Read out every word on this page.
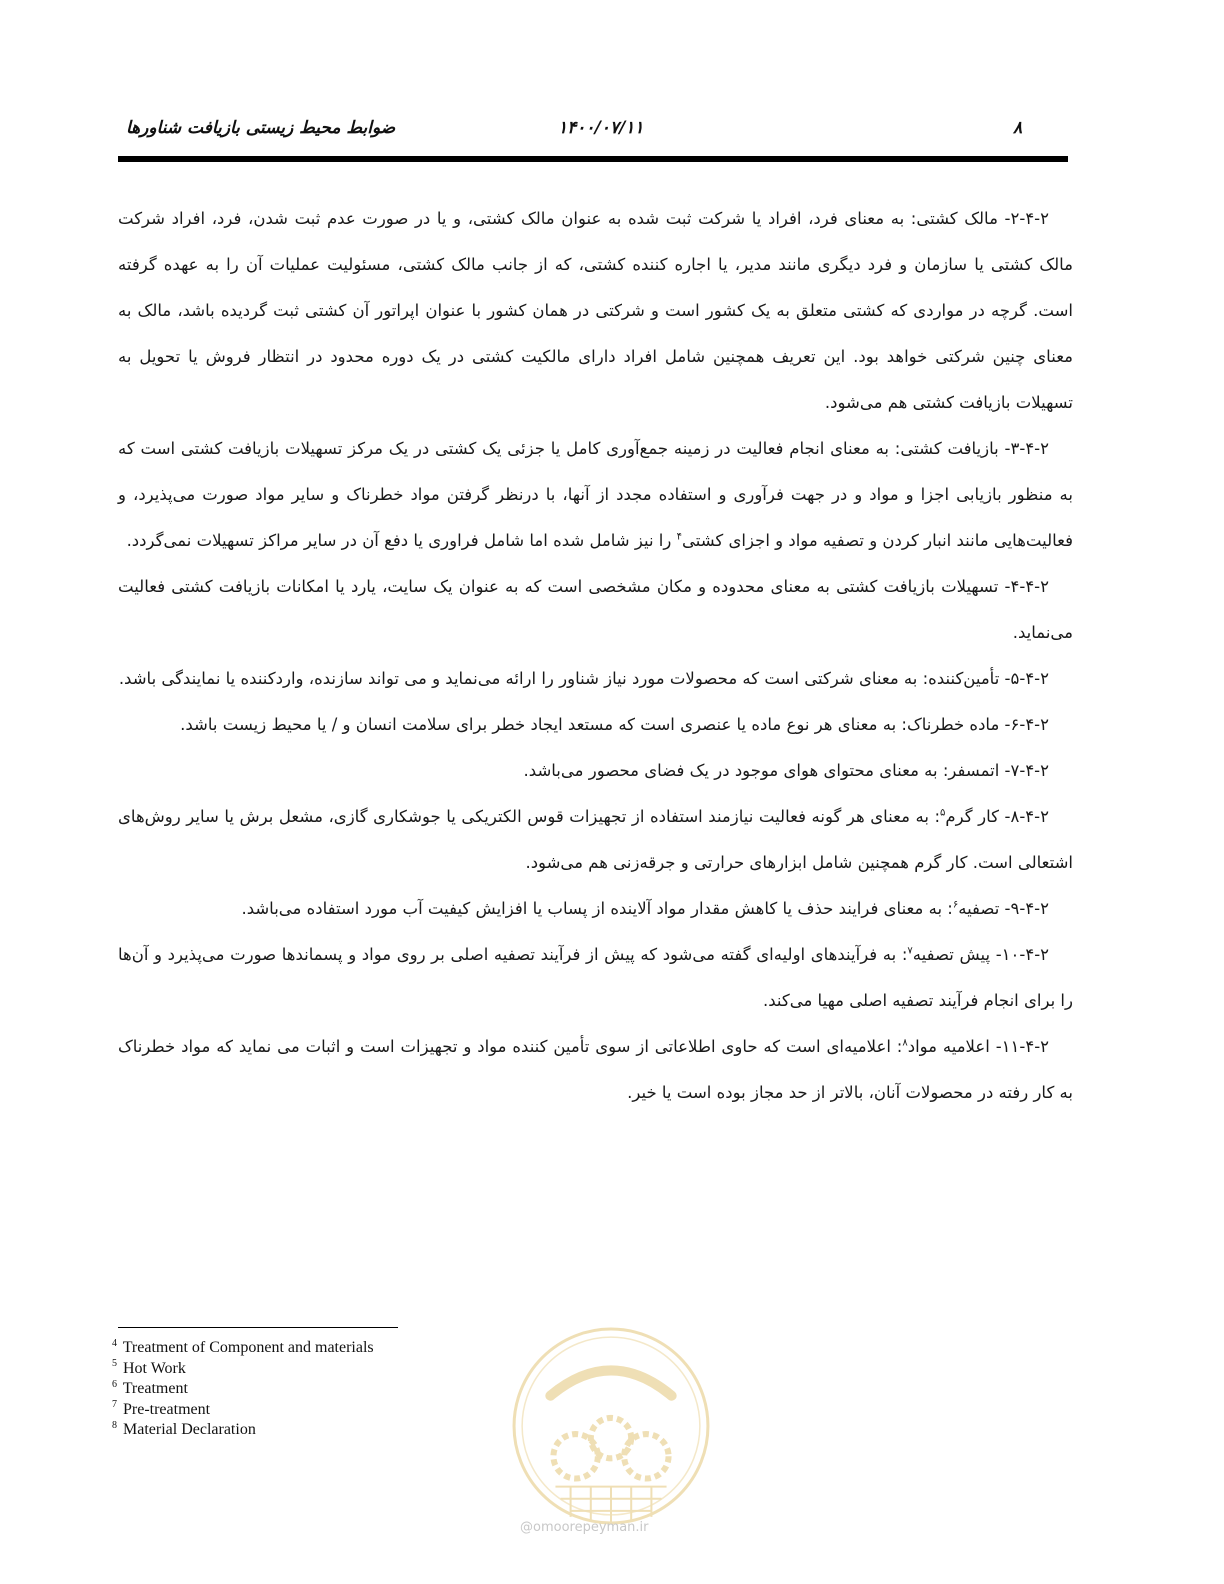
۸
۱۴۰۰/۰۷/۱۱
ضوابط محیط زیستی بازیافت شناورها

۲-۴-۲- مالک کشتی: به معنای فرد، افراد یا شرکت ثبت شده به عنوان مالک کشتی، و یا در صورت عدم ثبت شدن، فرد، افراد شرکت مالک کشتی یا سازمان و فرد دیگری مانند مدیر، یا اجاره کننده کشتی، که از جانب مالک کشتی، مسئولیت عملیات آن را به عهده گرفته است. گرچه در مواردی که کشتی متعلق به یک کشور است و شرکتی در همان کشور با عنوان اپراتور آن کشتی ثبت گردیده باشد، مالک به معنای چنین شرکتی خواهد بود. این تعریف همچنین شامل افراد دارای مالکیت کشتی در یک دوره محدود در انتظار فروش یا تحویل به تسهیلات بازیافت کشتی هم می‌شود.

۳-۴-۲- بازیافت کشتی: به معنای انجام فعالیت در زمینه جمع‌آوری کامل یا جزئی یک کشتی در یک مرکز تسهیلات بازیافت کشتی است که به منظور بازیابی اجزا و مواد و در جهت فرآوری و استفاده مجدد از آنها، با درنظر گرفتن مواد خطرناک و سایر مواد صورت می‌پذیرد، و فعالیت‌هایی مانند انبار کردن و تصفیه مواد و اجزای کشتی$^۴$ را نیز شامل شده اما شامل فراوری یا دفع آن در سایر مراکز تسهیلات نمی‌گردد.

۴-۴-۲- تسهیلات بازیافت کشتی به معنای محدوده و مکان مشخصی است که به عنوان یک سایت، یارد یا امکانات بازیافت کشتی فعالیت می‌نماید.

۵-۴-۲- تأمین‌کننده: به معنای شرکتی است که محصولات مورد نیاز شناور را ارائه می‌نماید و می تواند سازنده، واردکننده یا نمایندگی باشد.

۶-۴-۲- ماده خطرناک: به معنای هر نوع ماده یا عنصری است که مستعد ایجاد خطر برای سلامت انسان و / یا محیط زیست باشد.

۷-۴-۲- اتمسفر: به معنای محتوای هوای موجود در یک فضای محصور می‌باشد.

۸-۴-۲- کار گرم$^۵$: به معنای هر گونه فعالیت نیازمند استفاده از تجهیزات قوس الکتریکی یا جوشکاری گازی، مشعل برش یا سایر روش‌های اشتعالی است. کار گرم همچنین شامل ابزارهای حرارتی و جرقه‌زنی هم می‌شود.

۹-۴-۲- تصفیه$^۶$: به معنای فرایند حذف یا کاهش مقدار مواد آلاینده از پساب یا افزایش کیفیت آب مورد استفاده می‌باشد.

۱۰-۴-۲- پیش تصفیه$^۷$: به فرآیندهای اولیه‌ای گفته می‌شود که پیش از فرآیند تصفیه اصلی بر روی مواد و پسماندها صورت می‌پذیرد و آن‌ها را برای انجام فرآیند تصفیه اصلی مهیا می‌کند.

۱۱-۴-۲- اعلامیه مواد$^۸$: اعلامیه‌ای است که حاوی اطلاعاتی از سوی تأمین کننده مواد و تجهیزات است و اثبات می نماید که مواد خطرناک به کار رفته در محصولات آنان، بالاتر از حد مجاز بوده است یا خیر.

$^4$ Treatment of Component and materials
$^5$ Hot Work
$^6$ Treatment
$^7$ Pre-treatment
$^8$ Material Declaration
@omoorepeyman.ir
